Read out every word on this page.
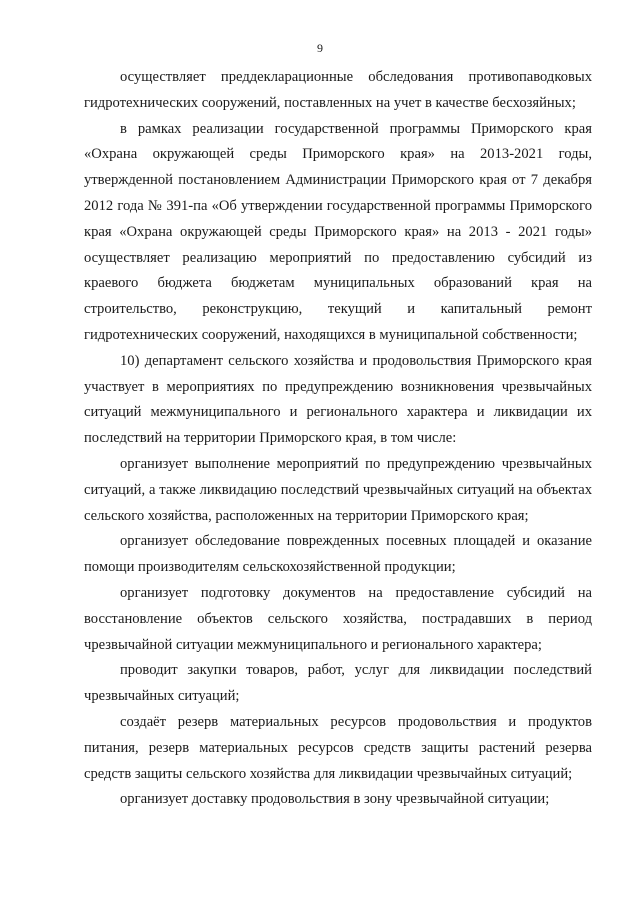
9

осуществляет преддекларационные обследования противопаводковых гидротехнических сооружений, поставленных на учет в качестве бесхозяйных;

в рамках реализации государственной программы Приморского края «Охрана окружающей среды Приморского края» на 2013-2021 годы, утвержденной постановлением Администрации Приморского края от 7 декабря 2012 года № 391-па «Об утверждении государственной программы Приморского края «Охрана окружающей среды Приморского края» на 2013 - 2021 годы» осуществляет реализацию мероприятий по предоставлению субсидий из краевого бюджета бюджетам муниципальных образований края на строительство, реконструкцию, текущий и капитальный ремонт гидротехнических сооружений, находящихся в муниципальной собственности;

10) департамент сельского хозяйства и продовольствия Приморского края участвует в мероприятиях по предупреждению возникновения чрезвычайных ситуаций межмуниципального и регионального характера и ликвидации их последствий на территории Приморского края, в том числе:

организует выполнение мероприятий по предупреждению чрезвычайных ситуаций, а также ликвидацию последствий чрезвычайных ситуаций на объектах сельского хозяйства, расположенных на территории Приморского края;

организует обследование поврежденных посевных площадей и оказание помощи производителям сельскохозяйственной продукции;

организует подготовку документов на предоставление субсидий на восстановление объектов сельского хозяйства, пострадавших в период чрезвычайной ситуации межмуниципального и регионального характера;

проводит закупки товаров, работ, услуг для ликвидации последствий чрезвычайных ситуаций;

создаёт резерв материальных ресурсов продовольствия и продуктов питания, резерв материальных ресурсов средств защиты растений резерва средств защиты сельского хозяйства для ликвидации чрезвычайных ситуаций;

организует доставку продовольствия в зону чрезвычайной ситуации;
